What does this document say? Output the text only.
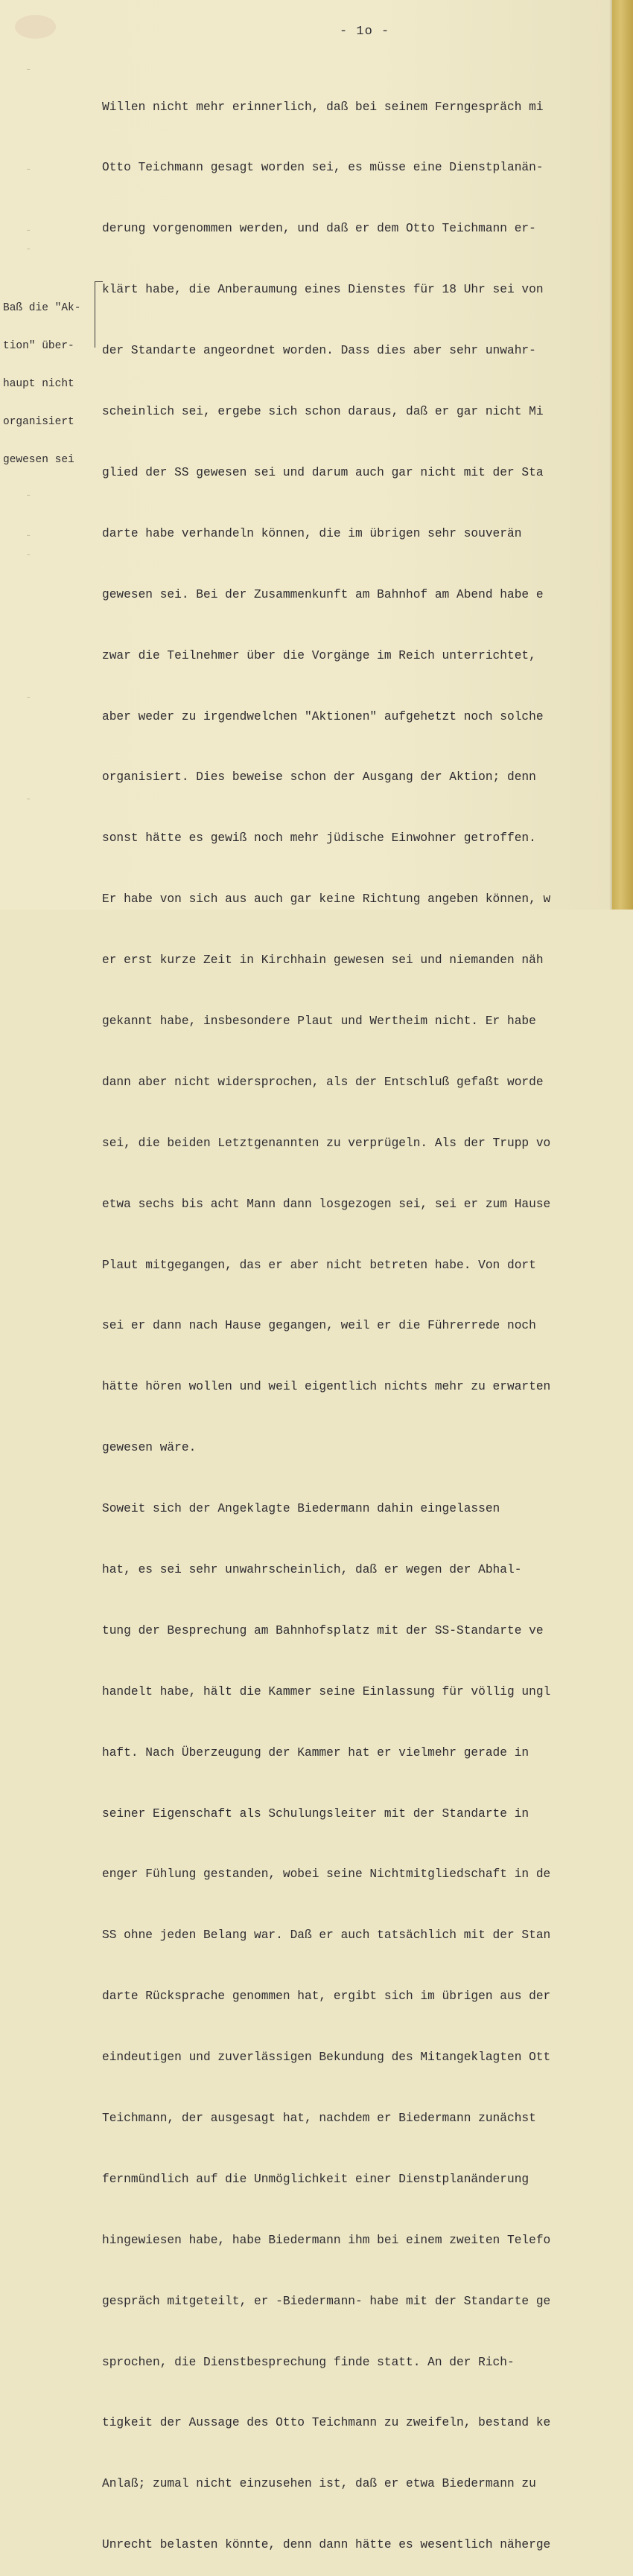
- 1o -

Baß die "Ak-

tion" über-

haupt nicht

organisiert

gewesen sei

-
-
-
-
-
-
-
-
-

Willen nicht mehr erinnerlich, daß bei seinem Ferngespräch mi

Otto Teichmann gesagt worden sei, es müsse eine Dienstplanän-

derung vorgenommen werden, und daß er dem Otto Teichmann er-

klärt habe, die Anberaumung eines Dienstes für 18 Uhr sei von

der Standarte angeordnet worden. Dass dies aber sehr unwahr-

scheinlich sei, ergebe sich schon daraus, daß er gar nicht Mi

glied der SS gewesen sei und darum auch gar nicht mit der Sta

darte habe verhandeln können, die im übrigen sehr souverän

gewesen sei. Bei der Zusammenkunft am Bahnhof am Abend habe e

zwar die Teilnehmer über die Vorgänge im Reich unterrichtet,

aber weder zu irgendwelchen "Aktionen" aufgehetzt noch solche

organisiert. Dies beweise schon der Ausgang der Aktion; denn

sonst hätte es gewiß noch mehr jüdische Einwohner getroffen.

Er habe von sich aus auch gar keine Richtung angeben können, w

er erst kurze Zeit in Kirchhain gewesen sei und niemanden näh

gekannt habe, insbesondere Plaut und Wertheim nicht. Er habe

dann aber nicht widersprochen, als der Entschluß gefaßt worde

sei, die beiden Letztgenannten zu verprügeln. Als der Trupp vo

etwa sechs bis acht Mann dann losgezogen sei, sei er zum Hause

Plaut mitgegangen, das er aber nicht betreten habe. Von dort

sei er dann nach Hause gegangen, weil er die Führerrede noch

hätte hören wollen und weil eigentlich nichts mehr zu erwarten

gewesen wäre.

Soweit sich der Angeklagte Biedermann dahin eingelassen

hat, es sei sehr unwahrscheinlich, daß er wegen der Abhal-

tung der Besprechung am Bahnhofsplatz mit der SS-Standarte ve

handelt habe, hält die Kammer seine Einlassung für völlig ungl

haft. Nach Überzeugung der Kammer hat er vielmehr gerade in

seiner Eigenschaft als Schulungsleiter mit der Standarte in

enger Fühlung gestanden, wobei seine Nichtmitgliedschaft in de

SS ohne jeden Belang war. Daß er auch tatsächlich mit der Stan

darte Rücksprache genommen hat, ergibt sich im übrigen aus der

eindeutigen und zuverlässigen Bekundung des Mitangeklagten Ott

Teichmann, der ausgesagt hat, nachdem er Biedermann zunächst

fernmündlich auf die Unmöglichkeit einer Dienstplanänderung

hingewiesen habe, habe Biedermann ihm bei einem zweiten Telefo

gespräch mitgeteilt, er -Biedermann- habe mit der Standarte ge

sprochen, die Dienstbesprechung finde statt. An der Rich-

tigkeit der Aussage des Otto Teichmann zu zweifeln, bestand ke

Anlaß; zumal nicht einzusehen ist, daß er etwa Biedermann zu

Unrecht belasten könnte, denn dann hätte es wesentlich näherge
